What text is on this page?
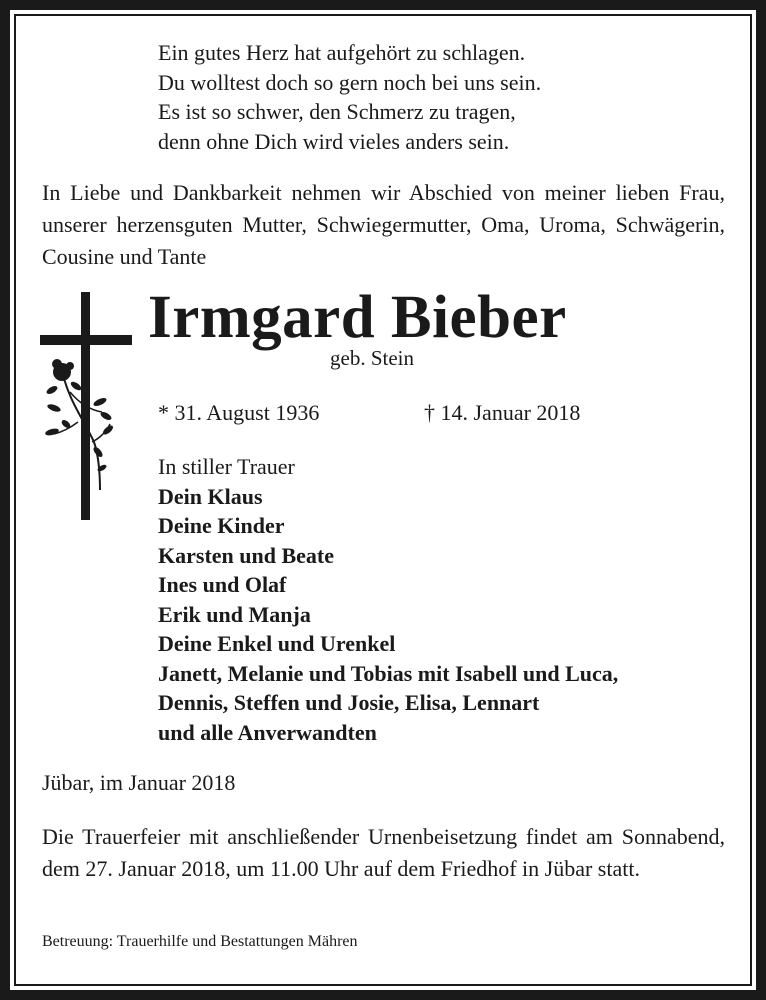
Ein gutes Herz hat aufgehört zu schlagen.
Du wolltest doch so gern noch bei uns sein.
Es ist so schwer, den Schmerz zu tragen,
denn ohne Dich wird vieles anders sein.
In Liebe und Dankbarkeit nehmen wir Abschied von meiner lieben Frau, unserer herzensguten Mutter, Schwiegermutter, Oma, Uroma, Schwägerin, Cousine und Tante
Irmgard Bieber
geb. Stein
* 31. August 1936	† 14. Januar 2018
In stiller Trauer
Dein Klaus
Deine Kinder
Karsten und Beate
Ines und Olaf
Erik und Manja
Deine Enkel und Urenkel
Janett, Melanie und Tobias mit Isabell und Luca,
Dennis, Steffen und Josie, Elisa, Lennart
und alle Anverwandten
Jübar, im Januar 2018
Die Trauerfeier mit anschließender Urnenbeisetzung findet am Sonnabend, dem 27. Januar 2018, um 11.00 Uhr auf dem Friedhof in Jübar statt.
Betreuung: Trauerhilfe und Bestattungen Mähren
